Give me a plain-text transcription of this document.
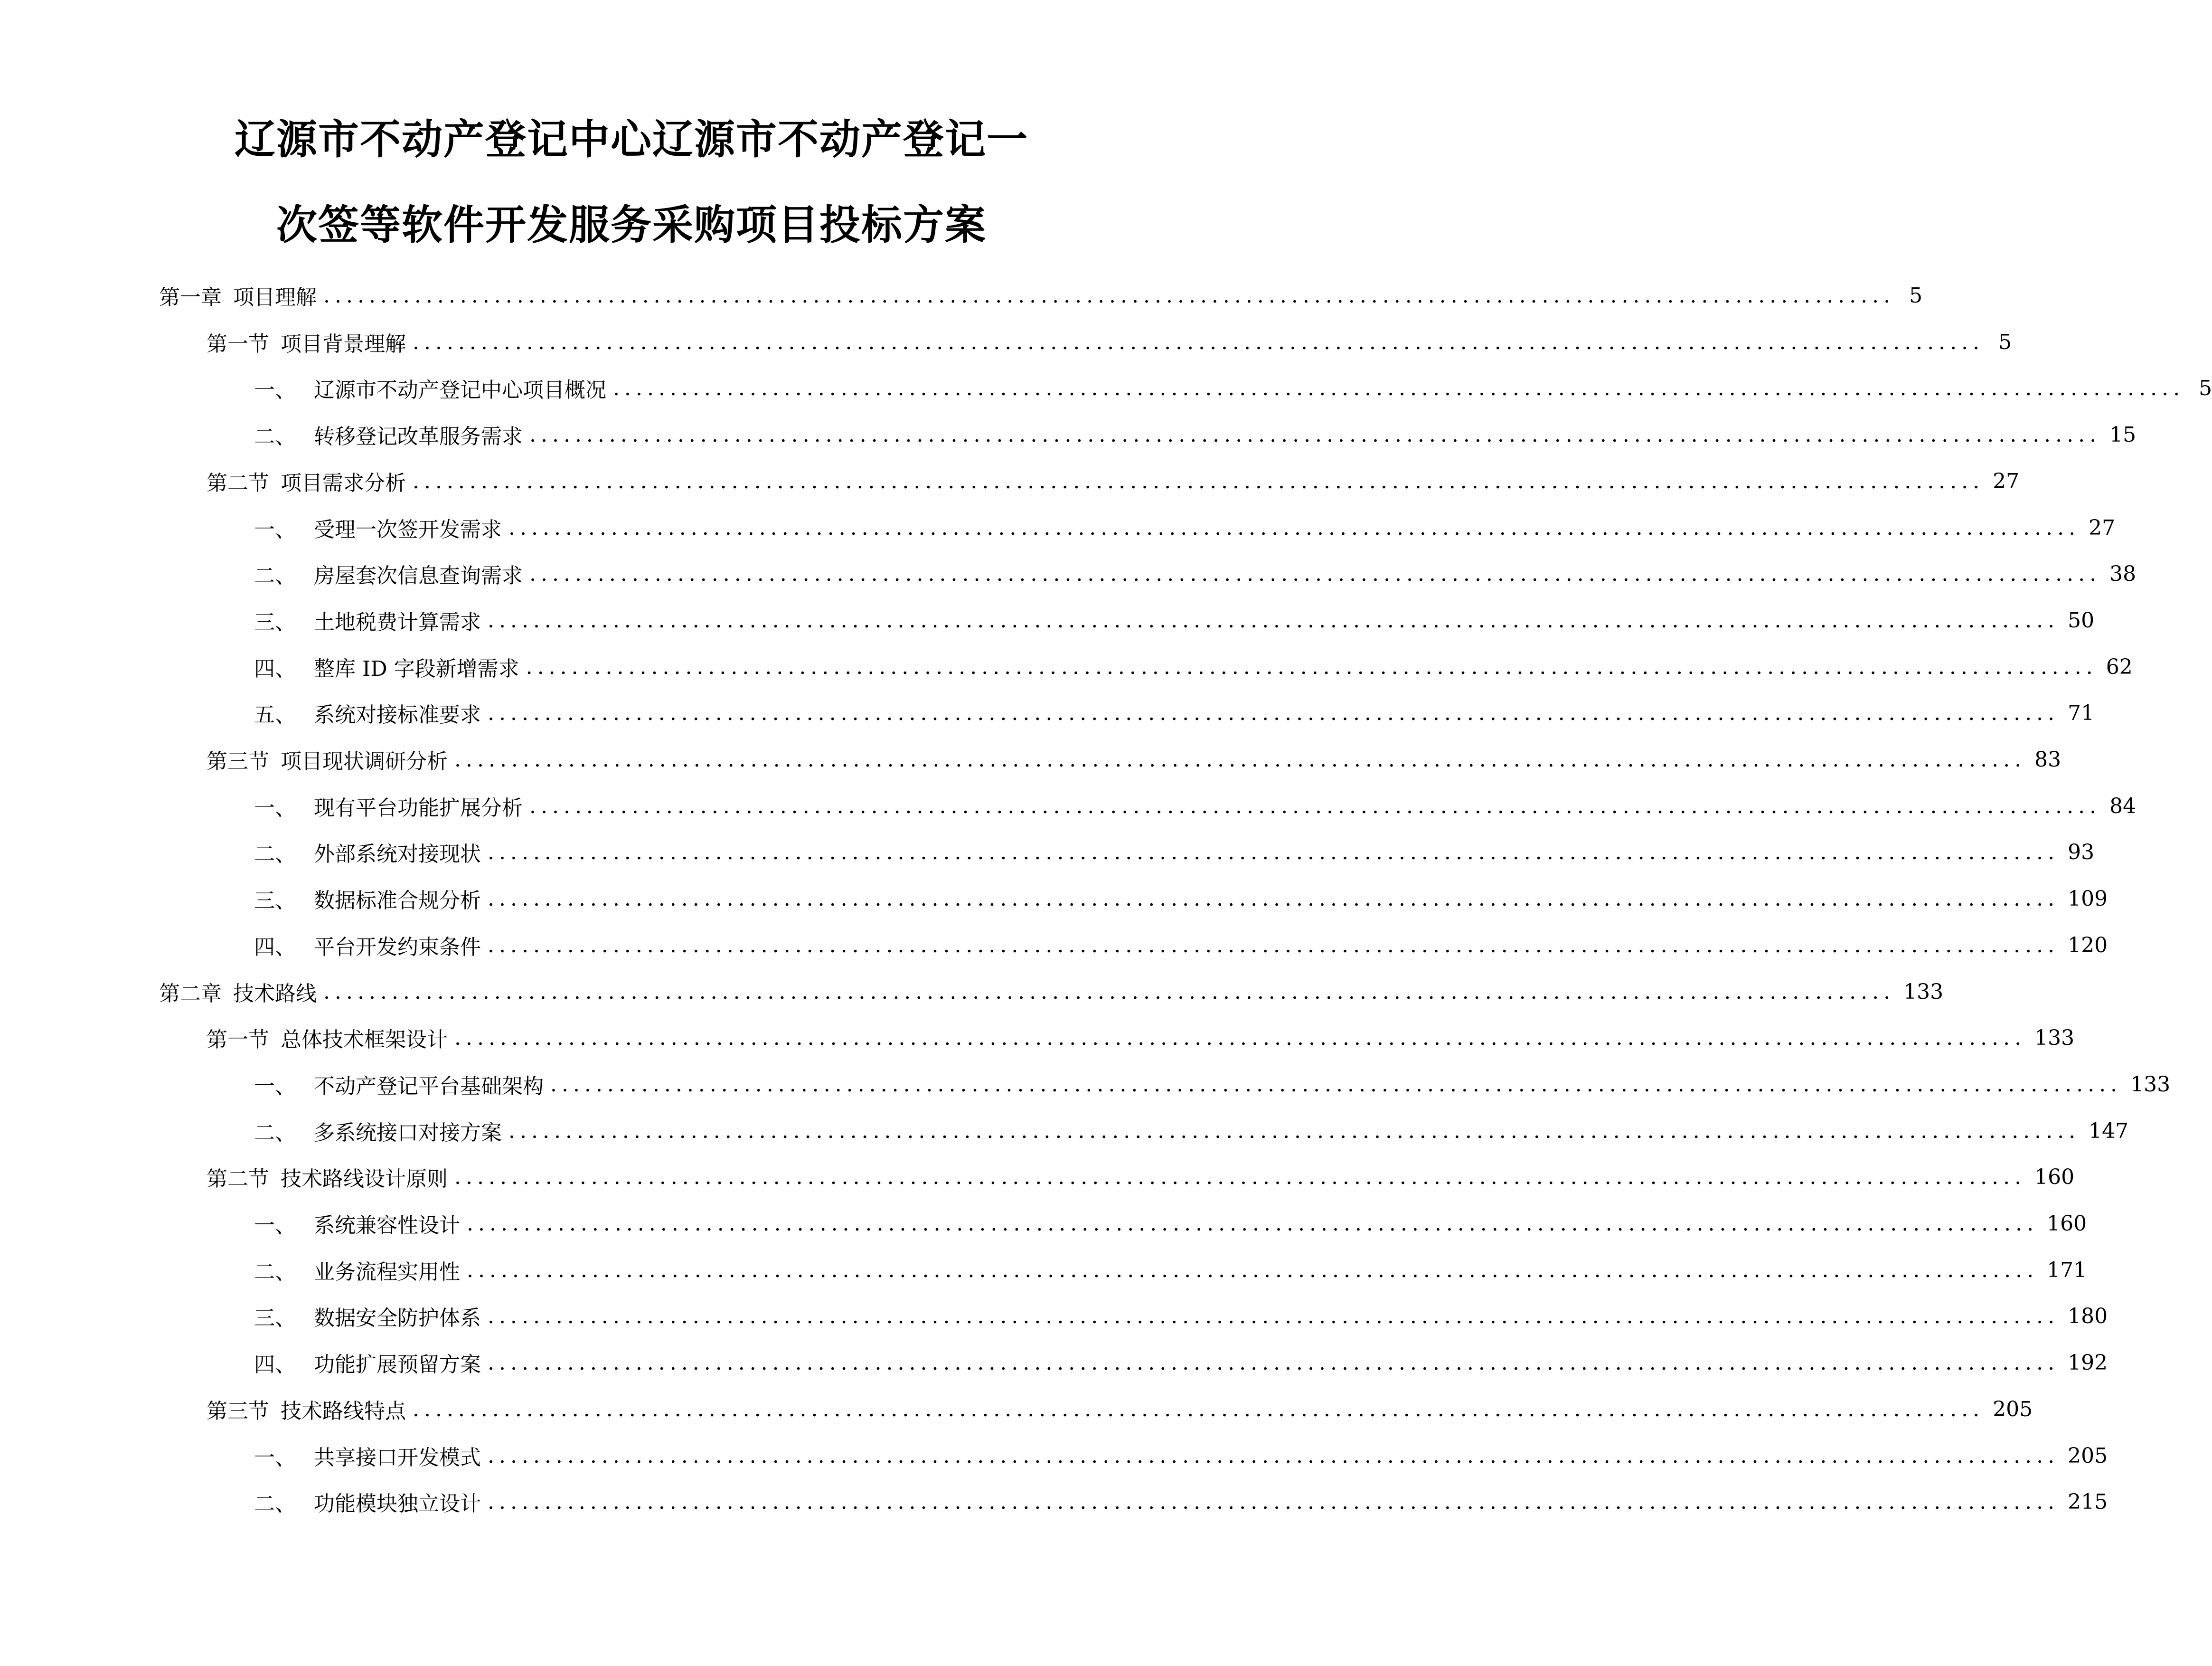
辽源市不动产登记中心辽源市不动产登记一
次签等软件开发服务采购项目投标方案
第一章 项目理解 .......................................................................................................................................... 5
第一节 项目背景理解 .......................................................................................................................................... 5
一、 辽源市不动产登记中心项目概况 .......................................................................................................................................... 5
二、 转移登记改革服务需求 .......................................................................................................................................... 15
第二节 项目需求分析 .......................................................................................................................................... 27
一、 受理一次签开发需求 .......................................................................................................................................... 27
二、 房屋套次信息查询需求 .......................................................................................................................................... 38
三、 土地税费计算需求 .......................................................................................................................................... 50
四、 整库 ID 字段新增需求 .......................................................................................................................................... 62
五、 系统对接标准要求 .......................................................................................................................................... 71
第三节 项目现状调研分析 .......................................................................................................................................... 83
一、 现有平台功能扩展分析 .......................................................................................................................................... 84
二、 外部系统对接现状 .......................................................................................................................................... 93
三、 数据标准合规分析 .......................................................................................................................................... 109
四、 平台开发约束条件 .......................................................................................................................................... 120
第二章 技术路线 .......................................................................................................................................... 133
第一节 总体技术框架设计 .......................................................................................................................................... 133
一、 不动产登记平台基础架构 .......................................................................................................................................... 133
二、 多系统接口对接方案 .......................................................................................................................................... 147
第二节 技术路线设计原则 .......................................................................................................................................... 160
一、 系统兼容性设计 .......................................................................................................................................... 160
二、 业务流程实用性 .......................................................................................................................................... 171
三、 数据安全防护体系 .......................................................................................................................................... 180
四、 功能扩展预留方案 .......................................................................................................................................... 192
第三节 技术路线特点 .......................................................................................................................................... 205
一、 共享接口开发模式 .......................................................................................................................................... 205
二、 功能模块独立设计 .......................................................................................................................................... 215
